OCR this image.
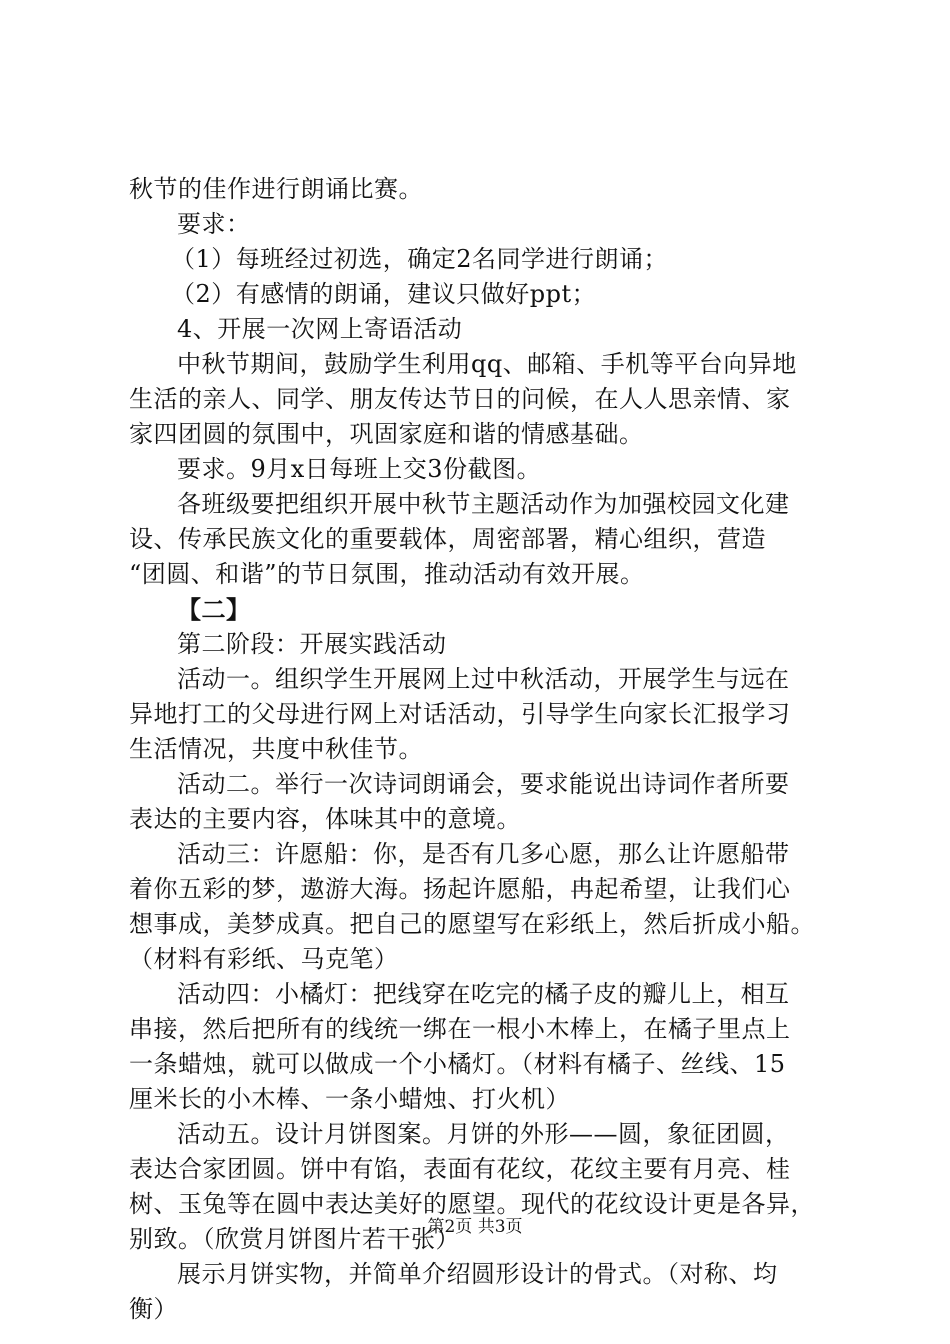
秋节的佳作进行朗诵比赛。
要求：
（1）每班经过初选，确定2名同学进行朗诵；
（2）有感情的朗诵，建议只做好ppt；
4、开展一次网上寄语活动
中秋节期间，鼓励学生利用qq、邮箱、手机等平台向异地
生活的亲人、同学、朋友传达节日的问候，在人人思亲情、家
家四团圆的氛围中，巩固家庭和谐的情感基础。
要求。9月x日每班上交3份截图。
各班级要把组织开展中秋节主题活动作为加强校园文化建
设、传承民族文化的重要载体，周密部署，精心组织，营造
“团圆、和谐”的节日氛围，推动活动有效开展。
【二】
第二阶段：开展实践活动
活动一。组织学生开展网上过中秋活动，开展学生与远在
异地打工的父母进行网上对话活动，引导学生向家长汇报学习
生活情况，共度中秋佳节。
活动二。举行一次诗词朗诵会，要求能说出诗词作者所要
表达的主要内容，体味其中的意境。
活动三：许愿船：你，是否有几多心愿，那么让许愿船带
着你五彩的梦，遨游大海。扬起许愿船，冉起希望，让我们心
想事成，美梦成真。把自己的愿望写在彩纸上，然后折成小船。
（材料有彩纸、马克笔）
活动四：小橘灯：把线穿在吃完的橘子皮的瓣儿上，相互
串接，然后把所有的线统一绑在一根小木棒上，在橘子里点上
一条蜡烛，就可以做成一个小橘灯。（材料有橘子、丝线、15
厘米长的小木棒、一条小蜡烛、打火机）
活动五。设计月饼图案。月饼的外形——圆，象征团圆，
表达合家团圆。饼中有馅，表面有花纹，花纹主要有月亮、桂
树、玉兔等在圆中表达美好的愿望。现代的花纹设计更是各异，
别致。（欣赏月饼图片若干张）
展示月饼实物，并简单介绍圆形设计的骨式。（对称、均
衡）
第2页 共3页
